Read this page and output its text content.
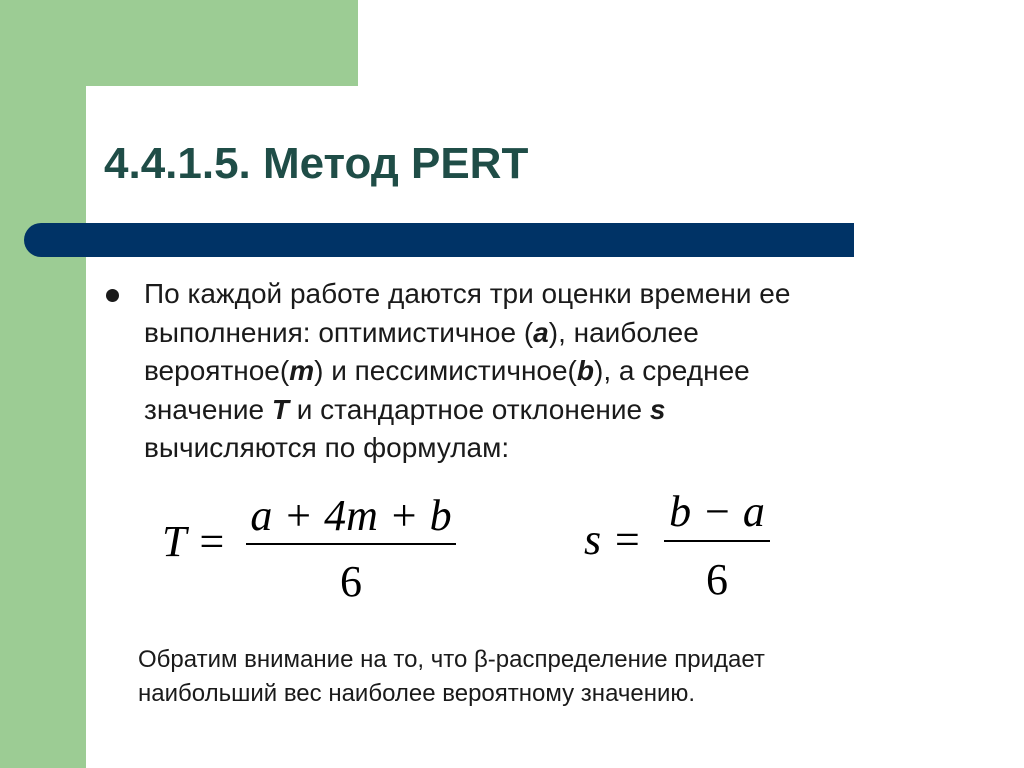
4.4.1.5. Метод PERT
По каждой работе даются три оценки времени ее
выполнения: оптимистичное (a), наиболее
вероятное(m) и пессимистичное(b), а среднее
значение T и стандартное отклонение s
вычисляются по формулам:
T =
a + 4m + b
6
s =
b − a
6
Обратим внимание на то, что β-распределение придает
наибольший вес наиболее вероятному значению.
